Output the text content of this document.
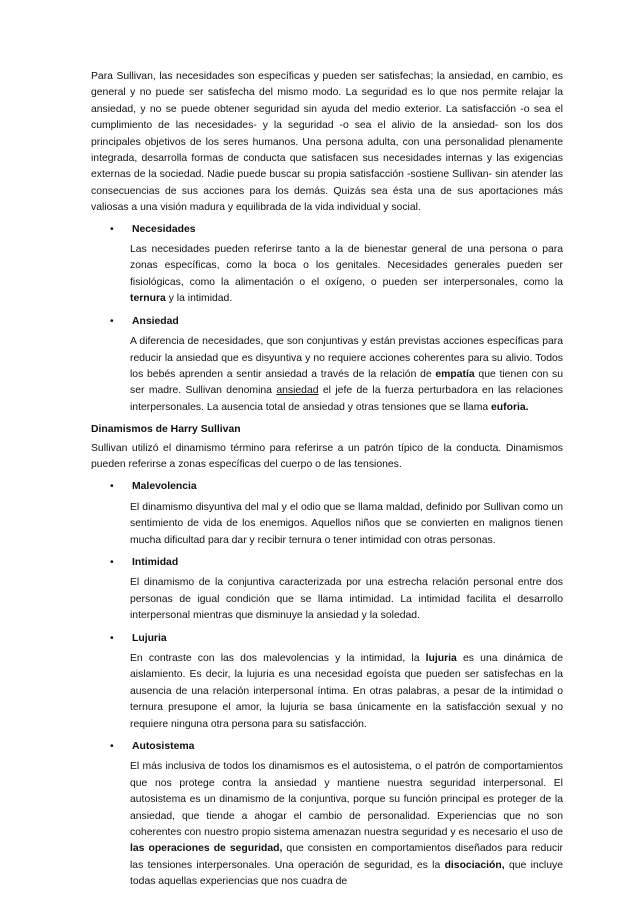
Para Sullivan, las necesidades son específicas y pueden ser satisfechas; la ansiedad, en cambio, es general y no puede ser satisfecha del mismo modo. La seguridad es lo que nos permite relajar la ansiedad, y no se puede obtener seguridad sin ayuda del medio exterior. La satisfacción -o sea el cumplimiento de las necesidades- y la seguridad -o sea el alivio de la ansiedad- son los dos principales objetivos de los seres humanos. Una persona adulta, con una personalidad plenamente integrada, desarrolla formas de conducta que satisfacen sus necesidades internas y las exigencias externas de la sociedad. Nadie puede buscar su propia satisfacción -sostiene Sullivan- sin atender las consecuencias de sus acciones para los demás. Quizás sea ésta una de sus aportaciones más valiosas a una visión madura y equilibrada de la vida individual y social.

• Necesidades

Las necesidades pueden referirse tanto a la de bienestar general de una persona o para zonas específicas, como la boca o los genitales. Necesidades generales pueden ser fisiológicas, como la alimentación o el oxígeno, o pueden ser interpersonales, como la ternura y la intimidad.

• Ansiedad

A diferencia de necesidades, que son conjuntivas y están previstas acciones específicas para reducir la ansiedad que es disyuntiva y no requiere acciones coherentes para su alivio. Todos los bebés aprenden a sentir ansiedad a través de la relación de empatía que tienen con su ser madre. Sullivan denomina ansiedad el jefe de la fuerza perturbadora en las relaciones interpersonales. La ausencia total de ansiedad y otras tensiones que se llama euforia.

Dinamismos de Harry Sullivan

Sullivan utilizó el dinamismo término para referirse a un patrón típico de la conducta. Dinamismos pueden referirse a zonas específicas del cuerpo o de las tensiones.

• Malevolencia

El dinamismo disyuntiva del mal y el odio que se llama maldad, definido por Sullivan como un sentimiento de vida de los enemigos. Aquellos niños que se convierten en malignos tienen mucha dificultad para dar y recibir ternura o tener intimidad con otras personas.

• Intimidad

El dinamismo de la conjuntiva caracterizada por una estrecha relación personal entre dos personas de igual condición que se llama intimidad. La intimidad facilita el desarrollo interpersonal mientras que disminuye la ansiedad y la soledad.

• Lujuria

En contraste con las dos malevolencias y la intimidad, la lujuria es una dinámica de aislamiento. Es decir, la lujuria es una necesidad egoísta que pueden ser satisfechas en la ausencia de una relación interpersonal íntima. En otras palabras, a pesar de la intimidad o ternura presupone el amor, la lujuria se basa únicamente en la satisfacción sexual y no requiere ninguna otra persona para su satisfacción.

• Autosistema

El más inclusiva de todos los dinamismos es el autosistema, o el patrón de comportamientos que nos protege contra la ansiedad y mantiene nuestra seguridad interpersonal. El autosistema es un dinamismo de la conjuntiva, porque su función principal es proteger de la ansiedad, que tiende a ahogar el cambio de personalidad. Experiencias que no son coherentes con nuestro propio sistema amenazan nuestra seguridad y es necesario el uso de las operaciones de seguridad, que consisten en comportamientos diseñados para reducir las tensiones interpersonales. Una operación de seguridad, es la disociación, que incluye todas aquellas experiencias que nos cuadra de
